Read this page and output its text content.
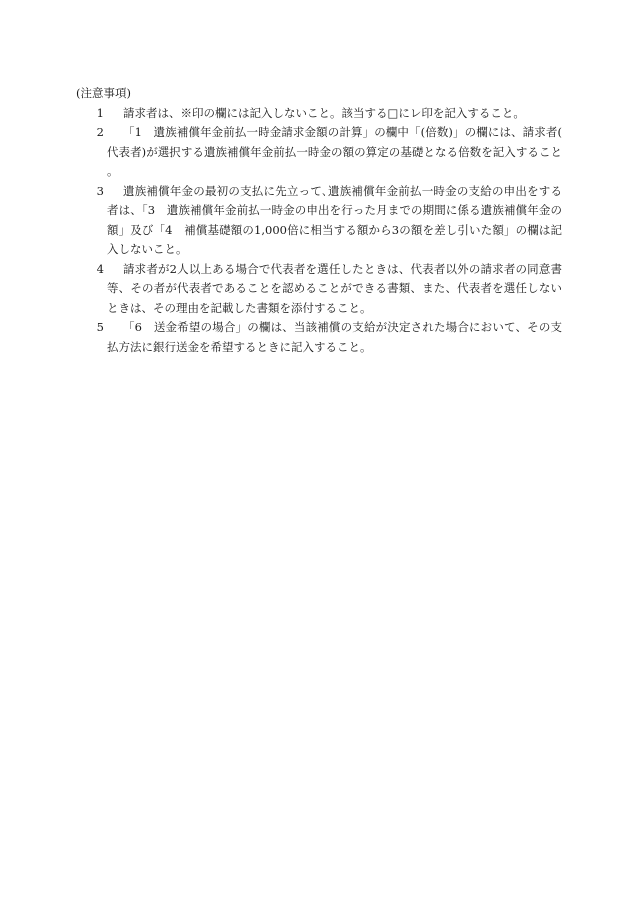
(注意事項)

1	請求者は、※印の欄には記入しないこと。該当する□にレ印を記入すること。

2	「1　遺族補償年金前払一時金請求金額の計算」の欄中「(倍数)」の欄には、請求者(代表者)が選択する遺族補償年金前払一時金の額の算定の基礎となる倍数を記入すること。

3	遺族補償年金の最初の支払に先立って､遺族補償年金前払一時金の支給の申出をする者は、「3　遺族補償年金前払一時金の申出を行った月までの期間に係る遺族補償年金の額」及び「4　補償基礎額の1,000倍に相当する額から3の額を差し引いた額」の欄は記入しないこと。

4	請求者が2人以上ある場合で代表者を選任したときは、代表者以外の請求者の同意書等、その者が代表者であることを認めることができる書類、また、代表者を選任しないときは、その理由を記載した書類を添付すること。

5	「6　送金希望の場合」の欄は、当該補償の支給が決定された場合において、その支払方法に銀行送金を希望するときに記入すること。
